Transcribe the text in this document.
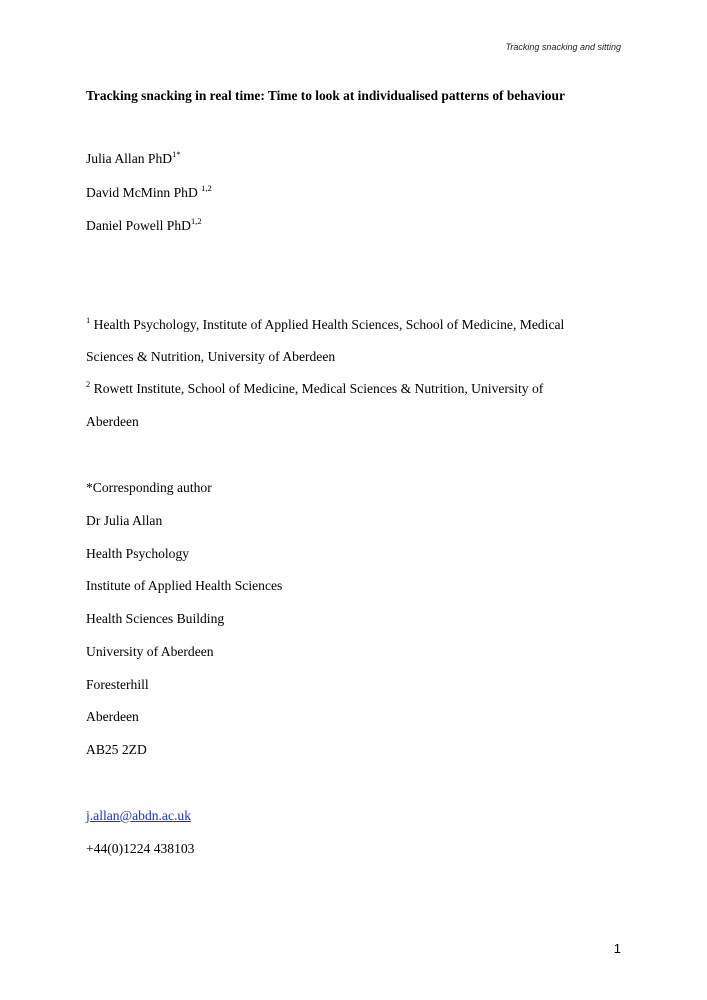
Tracking snacking and sitting
Tracking snacking in real time: Time to look at individualised patterns of behaviour
Julia Allan PhD$^{1*}$
David McMinn PhD $^{1,2}$
Daniel Powell PhD$^{1,2}$
$^1$ Health Psychology, Institute of Applied Health Sciences, School of Medicine, Medical
Sciences & Nutrition, University of Aberdeen
$^2$ Rowett Institute, School of Medicine, Medical Sciences & Nutrition, University of
Aberdeen
*Corresponding author
Dr Julia Allan
Health Psychology
Institute of Applied Health Sciences
Health Sciences Building
University of Aberdeen
Foresterhill
Aberdeen
AB25 2ZD
j.allan@abdn.ac.uk
+44(0)1224 438103
1
